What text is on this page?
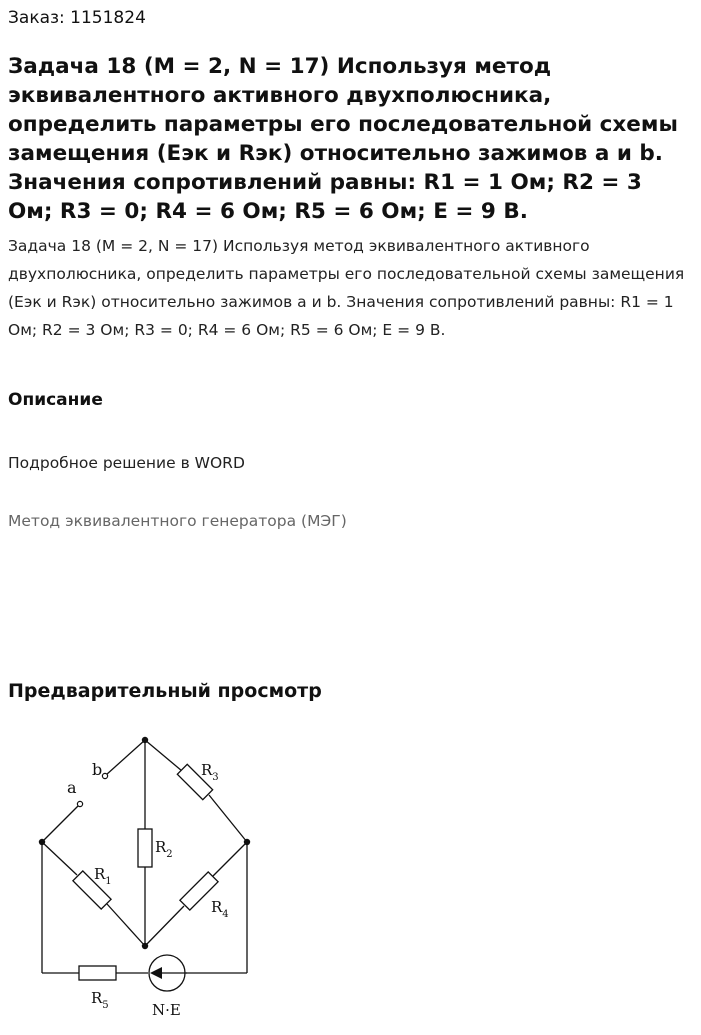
Заказ: 1151824
Задача 18 (M = 2, N = 17) Используя метод эквивалентного активного двухполюсника, определить параметры его последовательной схемы замещения (Еэк и Rэк) относительно зажимов a и b. Значения сопротивлений равны: R1 = 1 Ом; R2 = 3 Ом; R3 = 0; R4 = 6 Ом; R5 = 6 Ом; Е = 9 В.

Задача 18 (M = 2, N = 17) Используя метод эквивалентного активного двухполюсника, определить параметры его последовательной схемы замещения (Еэк и Rэк) относительно зажимов a и b. Значения сопротивлений равны: R1 = 1 Ом; R2 = 3 Ом; R3 = 0; R4 = 6 Ом; R5 = 6 Ом; Е = 9 В.

Описание
Подробное решение в WORD
Метод эквивалентного генератора (МЭГ)
Предварительный просмотр
a
b	$R_3$
$R_2$
$R_1$
$R_4$
$R_5$	N·E
